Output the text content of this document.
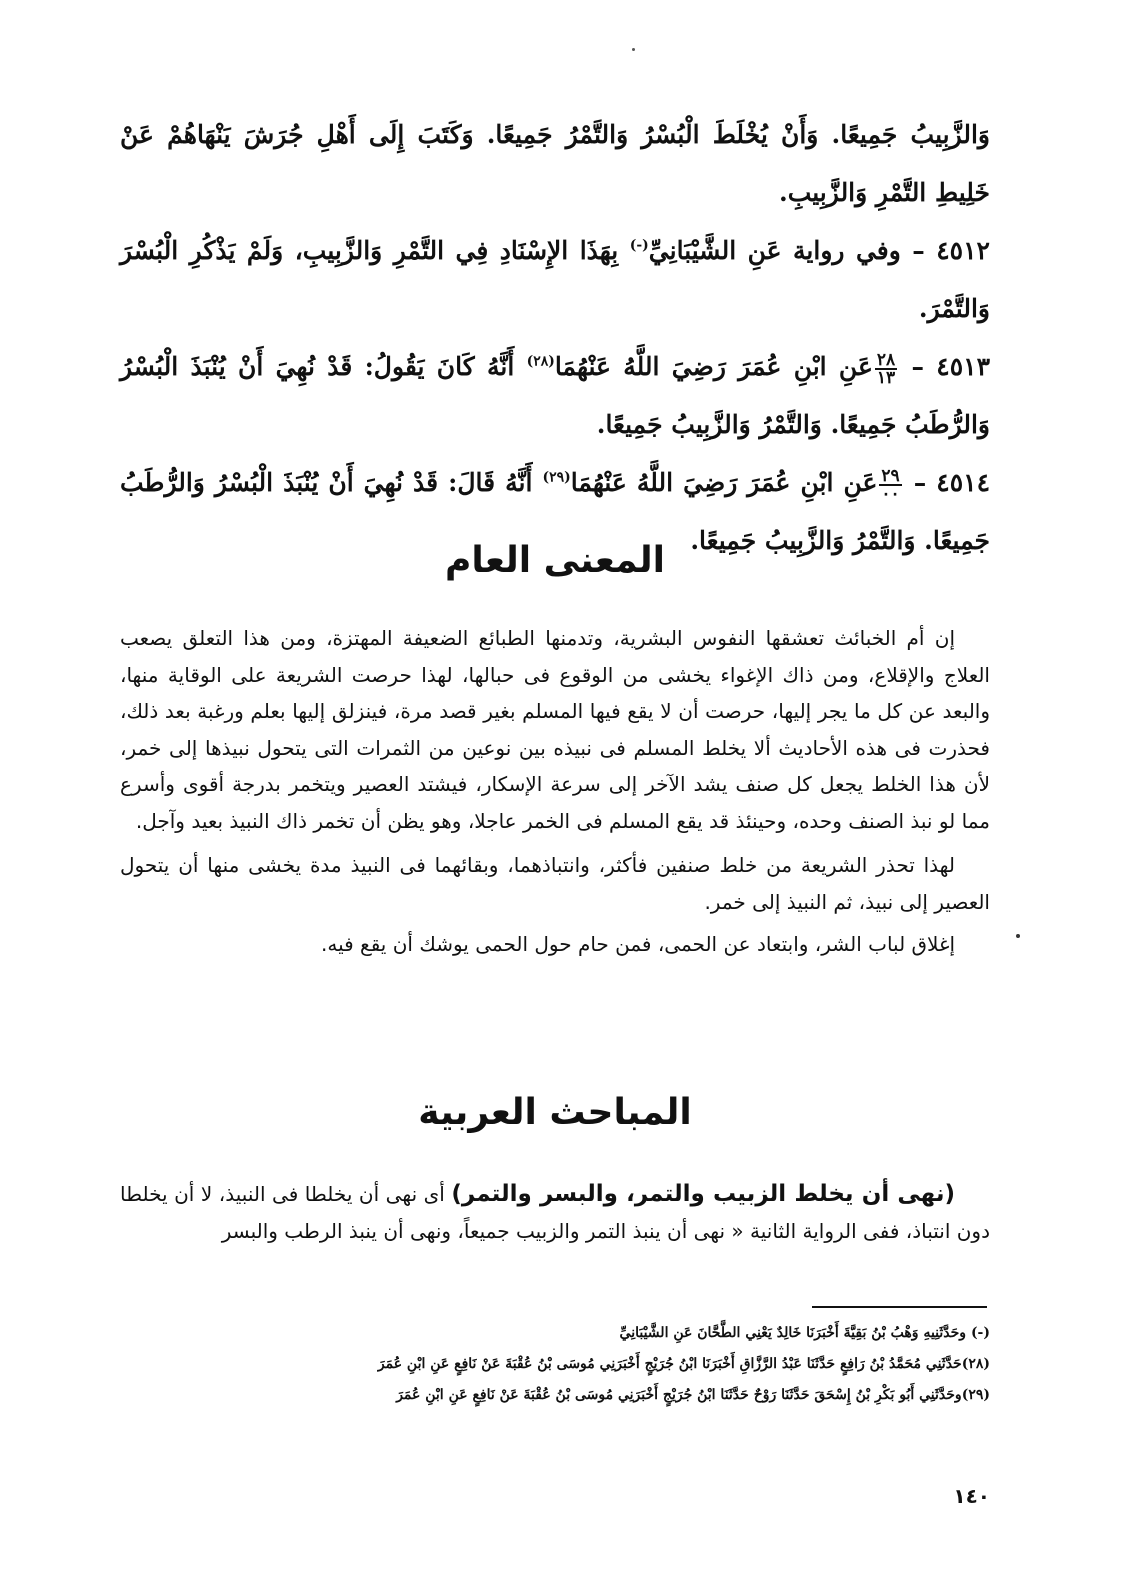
وَالزَّبِيبُ جَمِيعًا. وَأَنْ يُخْلَطَ الْبُسْرُ وَالتَّمْرُ جَمِيعًا. وَكَتَبَ إِلَى أَهْلِ جُرَشَ يَنْهَاهُمْ عَنْ خَلِيطِ التَّمْرِ وَالزَّبِيبِ.
٤٥١٢ – وفي رواية عَنِ الشَّيْبَانِيِّ(-) بِهَذَا الإِسْنَادِ فِي التَّمْرِ وَالزَّبِيبِ، وَلَمْ يَذْكُرِ الْبُسْرَ وَالتَّمْرَ.
٤٥١٣ –
$\frac{٢٨}{١٣}$
عَنِ ابْنِ عُمَرَ رَضِيَ اللَّهُ عَنْهُمَا$^{(٢٨)}$ أَنَّهُ كَانَ يَقُولُ: قَدْ نُهِيَ أَنْ يُنْبَذَ الْبُسْرُ وَالرُّطَبُ جَمِيعًا. وَالتَّمْرُ وَالزَّبِيبُ جَمِيعًا.
٤٥١٤ –
$\frac{٢٩}{٠٠}$
عَنِ ابْنِ عُمَرَ رَضِيَ اللَّهُ عَنْهُمَا$^{(٢٩)}$ أَنَّهُ قَالَ: قَدْ نُهِيَ أَنْ يُنْبَذَ الْبُسْرُ وَالرُّطَبُ جَمِيعًا. وَالتَّمْرُ وَالزَّبِيبُ جَمِيعًا.
المعنى العام

إن أم الخبائث تعشقها النفوس البشرية، وتدمنها الطبائع الضعيفة المهتزة، ومن هذا التعلق يصعب العلاج والإقلاع، ومن ذاك الإغواء يخشى من الوقوع فى حبالها، لهذا حرصت الشريعة على الوقاية منها، والبعد عن كل ما يجر إليها، حرصت أن لا يقع فيها المسلم بغير قصد مرة، فينزلق إليها بعلم ورغبة بعد ذلك، فحذرت فى هذه الأحاديث ألا يخلط المسلم فى نبيذه بين نوعين من الثمرات التى يتحول نبيذها إلى خمر، لأن هذا الخلط يجعل كل صنف يشد الآخر إلى سرعة الإسكار، فيشتد العصير ويتخمر بدرجة أقوى وأسرع مما لو نبذ الصنف وحده، وحينئذ قد يقع المسلم فى الخمر عاجلا، وهو يظن أن تخمر ذاك النبيذ بعيد وآجل.

لهذا تحذر الشريعة من خلط صنفين فأكثر، وانتباذهما، وبقائهما فى النبيذ مدة يخشى منها أن يتحول العصير إلى نبيذ، ثم النبيذ إلى خمر.

إغلاق لباب الشر، وابتعاد عن الحمى، فمن حام حول الحمى يوشك أن يقع فيه.

المباحث العربية

(نهى أن يخلط الزبيب والتمر، والبسر والتمر) أى نهى أن يخلطا فى النبيذ، لا أن يخلطا دون انتباذ، ففى الرواية الثانية « نهى أن ينبذ التمر والزبيب جميعاً، ونهى أن ينبذ الرطب والبسر

(-) وحَدَّثَنِيهِ وَهْبُ بْنُ بَقِيَّةَ أَخْبَرَنَا خَالِدٌ يَعْنِي الطَّحَّانَ عَنِ الشَّيْبَانِيِّ
(٢٨)حَدَّثَنِي مُحَمَّدُ بْنُ رَافِعٍ حَدَّثَنَا عَبْدُ الرَّزَّاقِ أَخْبَرَنَا ابْنُ جُرَيْجٍ أَخْبَرَنِي مُوسَى بْنُ عُقْبَةَ عَنْ نَافِعٍ عَنِ ابْنِ عُمَرَ
(٢٩)وحَدَّثَنِي أَبُو بَكْرِ بْنُ إِسْحَقَ حَدَّثَنَا رَوْحٌ حَدَّثَنَا ابْنُ جُرَيْجٍ أَخْبَرَنِي مُوسَى بْنُ عُقْبَةَ عَنْ نَافِعٍ عَنِ ابْنِ عُمَرَ
١٤٠
